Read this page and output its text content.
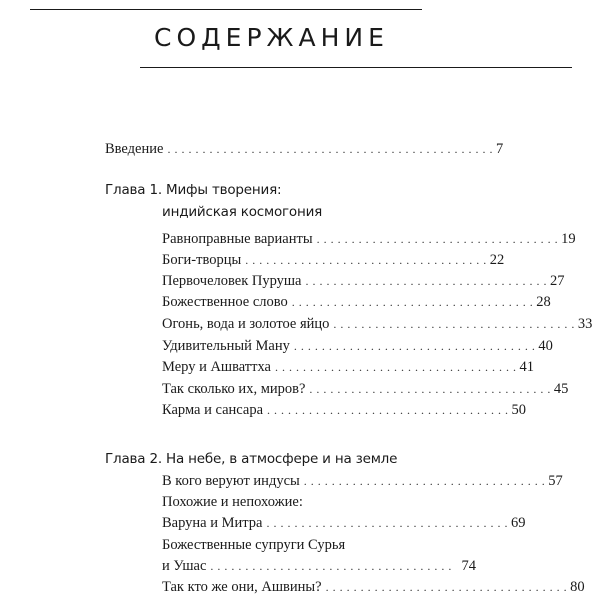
СОДЕРЖАНИЕ
Введение . . . . . . . . . . . . . . . . . . . . . . . . . . . . . . . . . . . . . . . . . . . . . . . 7
Глава 1. Мифы творения:
индийская космогония
Равноправные варианты . . . . . . . . . . . . . . . . . . . . . . . . . . . . . . . . . . . 19
Боги-творцы . . . . . . . . . . . . . . . . . . . . . . . . . . . . . . . . . . . 22
Первочеловек Пуруша . . . . . . . . . . . . . . . . . . . . . . . . . . . . . . . . . . . 27
Божественное слово . . . . . . . . . . . . . . . . . . . . . . . . . . . . . . . . . . . 28
Огонь, вода и золотое яйцо . . . . . . . . . . . . . . . . . . . . . . . . . . . . . . . . . . . 33
Удивительный Ману . . . . . . . . . . . . . . . . . . . . . . . . . . . . . . . . . . . 40
Меру и Ашваттха . . . . . . . . . . . . . . . . . . . . . . . . . . . . . . . . . . . 41
Так сколько их, миров? . . . . . . . . . . . . . . . . . . . . . . . . . . . . . . . . . . . 45
Карма и сансара . . . . . . . . . . . . . . . . . . . . . . . . . . . . . . . . . . . 50
Глава 2. На небе, в атмосфере и на земле
В кого веруют индусы . . . . . . . . . . . . . . . . . . . . . . . . . . . . . . . . . . . 57
Похожие и непохожие:
Варуна и Митра . . . . . . . . . . . . . . . . . . . . . . . . . . . . . . . . . . . 69
Божественные супруги Сурья
и Ушас . . . . . . . . . . . . . . . . . . . . . . . . . . . . . . . . . . . 74
Так кто же они, Ашвины? . . . . . . . . . . . . . . . . . . . . . . . . . . . . . . . . . . . 80
